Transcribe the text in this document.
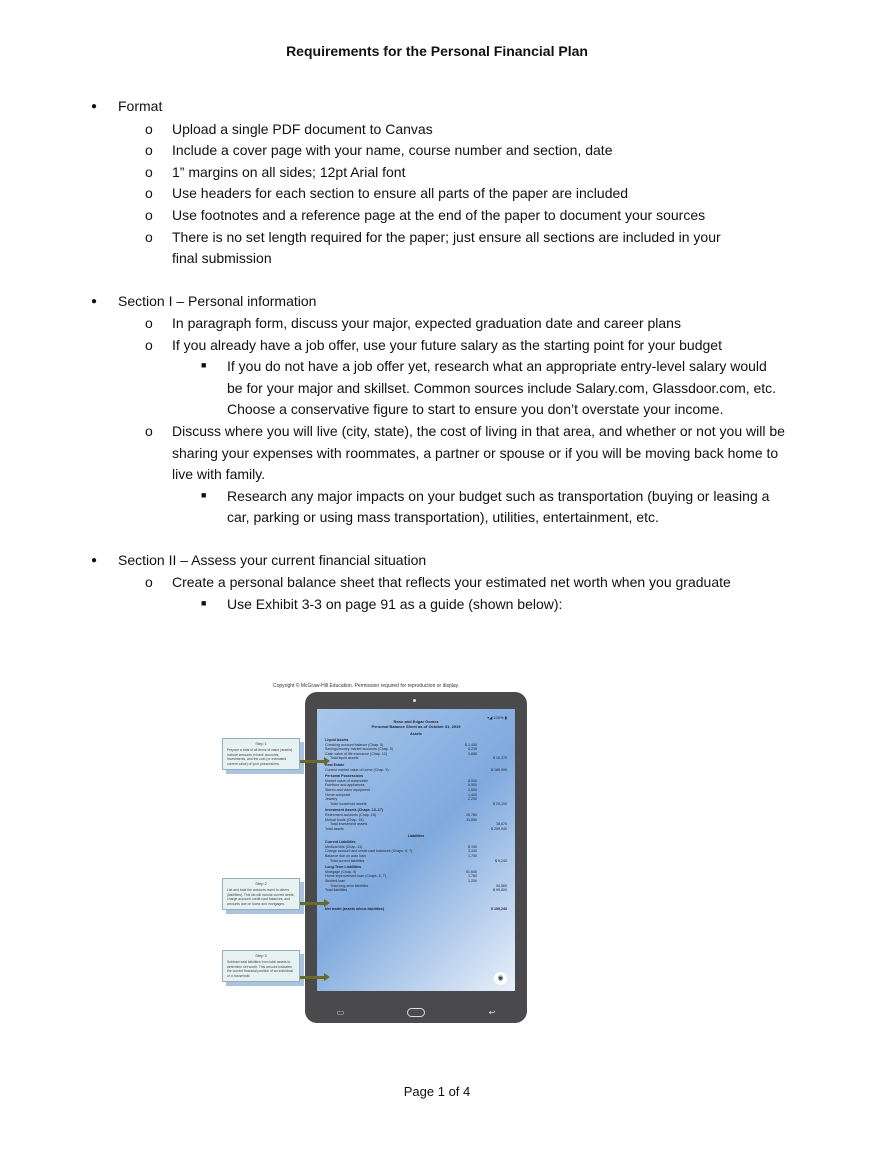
Requirements for the Personal Financial Plan
● Format
o Upload a single PDF document to Canvas
o Include a cover page with your name, course number and section, date
o 1” margins on all sides; 12pt Arial font
o Use headers for each section to ensure all parts of the paper are included
o Use footnotes and a reference page at the end of the paper to document your sources
o There is no set length required for the paper; just ensure all sections are included in your final submission
● Section I – Personal information
o In paragraph form, discuss your major, expected graduation date and career plans
o If you already have a job offer, use your future salary as the starting point for your budget
■ If you do not have a job offer yet, research what an appropriate entry-level salary would be for your major and skillset. Common sources include Salary.com, Glassdoor.com, etc. Choose a conservative figure to start to ensure you don’t overstate your income.
o Discuss where you will live (city, state), the cost of living in that area, and whether or not you will be sharing your expenses with roommates, a partner or spouse or if you will be moving back home to live with family.
■ Research any major impacts on your budget such as transportation (buying or leasing a car, parking or using mass transportation), utilities, entertainment, etc.
● Section II – Assess your current financial situation
o Create a personal balance sheet that reflects your estimated net worth when you graduate
■ Use Exhibit 3-3 on page 91 as a guide (shown below):
Copyright © McGraw-Hill Education. Permission required for reproduction or display.
Step 1
Prepare a total of all items of value (assets). Include amounts in bank accounts, investments, and the cost (or estimated current value) of your possessions.
Step 2
List and total the amounts owed to others (liabilities). This list will include current debts, charge account/ credit card balances, and amounts due on loans and mortgages.
Step 3
Subtract total liabilities from total assets to determine net worth. This amount indicates the current financial position of an individual or a household.
▾◢ 100% ▮
Rose and Edgar Gomez
Personal Balance Sheet as of October 31, 2019
Assets
Liquid Assets
Checking account balance (Chap. 5)	$ 1,450
Savings/money market accounts (Chap. 5)	5,235
Cash value of life insurance (Chap. 12)	3,685
Total liquid assets	$ 10,370
Real Estate
Current market value of home (Chap. 9)	$ 189,900
Personal Possessions
Market value of automobile	8,000
Furniture and appliances	5,900
Stereo and video equipment	2,600
Home computer	1,400
Jewelry	2,200
Total household assets	$ 20,100
Investment Assets (Chaps. 13–17)
Retirement accounts (Chap. 18)	26,780
Mutual funds (Chap. 16)	11,890
Total investment assets	38,670
Total assets	$ 259,040
Liabilities
Current Liabilities
Medical bills (Chap. 11)	$ 150
Charge account and credit card balances (Chaps. 6, 7)	3,340
Balance due on auto loan	1,750
Total current liabilities	$ 5,240
Long-Term Liabilities
Mortgage (Chap. 9)	91,600
Home improvement loan (Chaps. 6, 7)	1,760
Student loan	1,200
Total long-term liabilities	94,560
Total liabilities	$ 99,800
Net worth (assets minus liabilities)	$ 159,240
◉
▭	↩
Page 1 of 4
